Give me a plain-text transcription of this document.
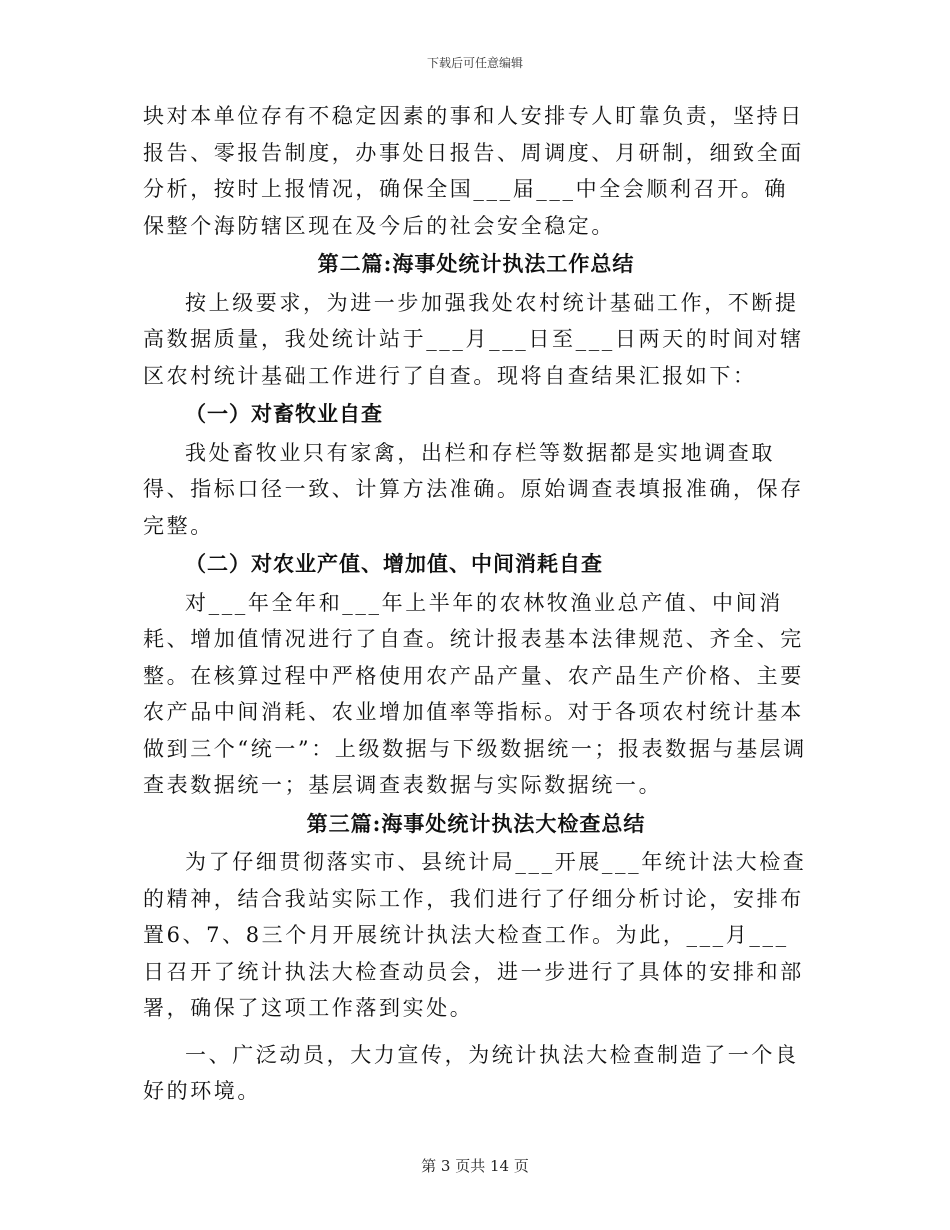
下载后可任意编辑

块对本单位存有不稳定因素的事和人安排专人盯靠负责，坚持日报告、零报告制度，办事处日报告、周调度、月研制，细致全面分析，按时上报情况，确保全国___届___中全会顺利召开。确保整个海防辖区现在及今后的社会安全稳定。

第二篇:海事处统计执法工作总结

按上级要求，为进一步加强我处农村统计基础工作，不断提高数据质量，我处统计站于___月___日至___日两天的时间对辖区农村统计基础工作进行了自查。现将自查结果汇报如下：

（一）对畜牧业自查

我处畜牧业只有家禽，出栏和存栏等数据都是实地调查取得、指标口径一致、计算方法准确。原始调查表填报准确，保存完整。

（二）对农业产值、增加值、中间消耗自查

对___年全年和___年上半年的农林牧渔业总产值、中间消耗、增加值情况进行了自查。统计报表基本法律规范、齐全、完整。在核算过程中严格使用农产品产量、农产品生产价格、主要农产品中间消耗、农业增加值率等指标。对于各项农村统计基本做到三个“统一”：上级数据与下级数据统一；报表数据与基层调查表数据统一；基层调查表数据与实际数据统一。

第三篇:海事处统计执法大检查总结

为了仔细贯彻落实市、县统计局___开展___年统计法大检查的精神，结合我站实际工作，我们进行了仔细分析讨论，安排布置6、7、8三个月开展统计执法大检查工作。为此，___月___日召开了统计执法大检查动员会，进一步进行了具体的安排和部署，确保了这项工作落到实处。

一、广泛动员，大力宣传，为统计执法大检查制造了一个良好的环境。

第 3 页共 14 页
